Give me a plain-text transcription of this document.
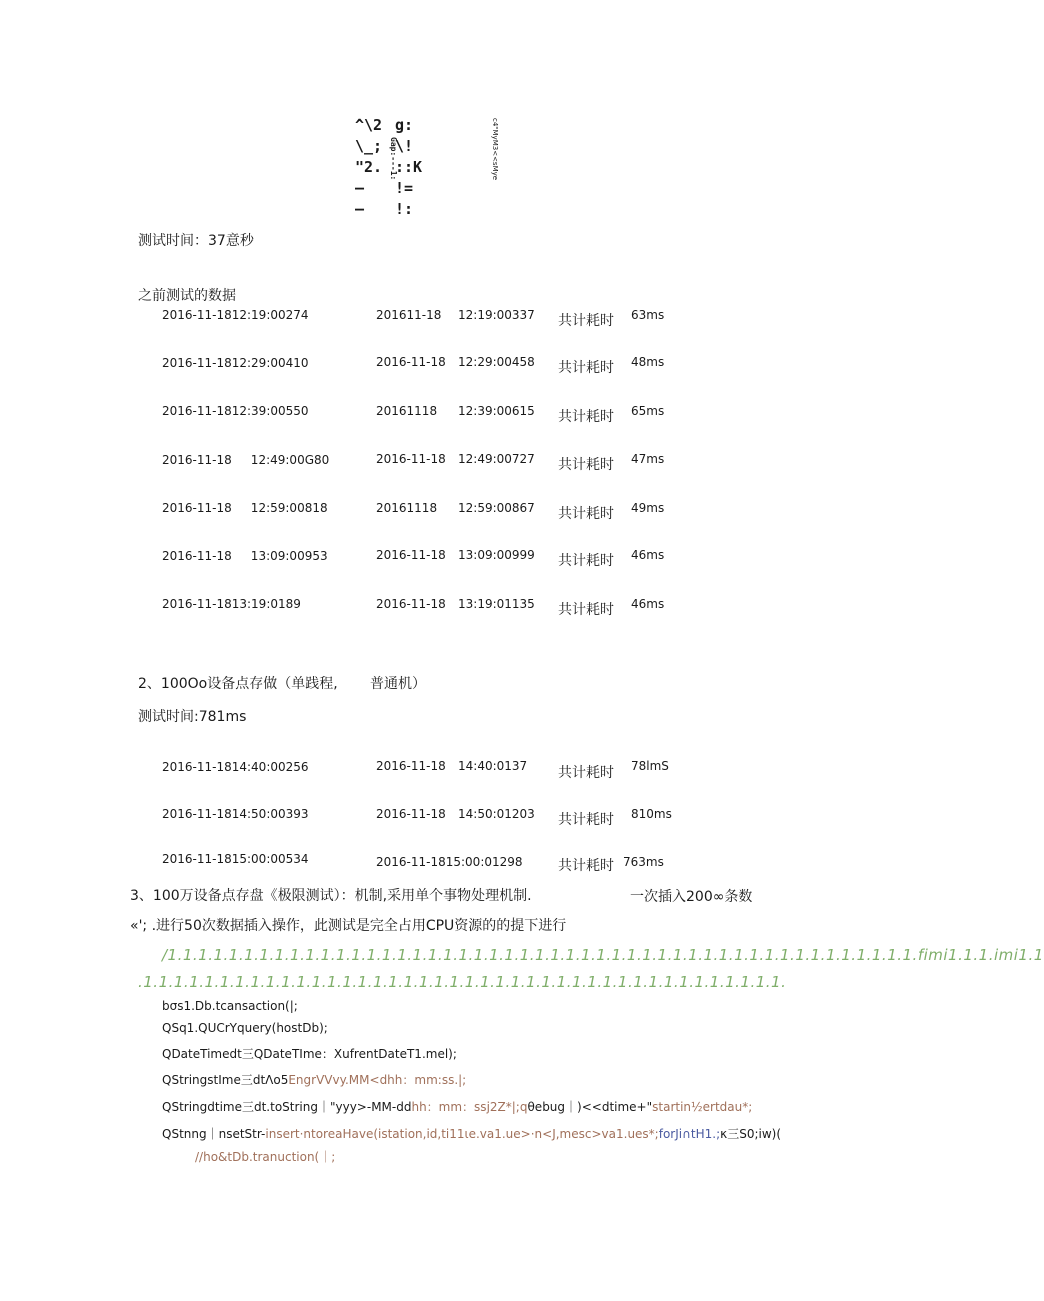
^\2
\_;
"2.
—
—
g:
\!
::K
!=
!:
Gap:---1:	c4"MyM3<<sMye
测试时间：37意秒
之前测试的数据
2016-11-1812:19:00274	201611-18 12:19:00337 共计耗时 63ms
2016-11-1812:29:00410	2016-11-18 12:29:00458 共计耗时 48ms
2016-11-1812:39:00550	20161118 12:39:00615 共计耗时 65ms
2016-11-18     12:49:00G80	2016-11-18 12:49:00727 共计耗时 47ms
2016-11-18     12:59:00818	20161118 12:59:00867 共计耗时 49ms
2016-11-18     13:09:00953	2016-11-18 13:09:00999 共计耗时 46ms
2016-11-1813:19:0189	2016-11-18 13:19:01135 共计耗时 46ms
2、100Oo设备点存做（单践程, 普通机）
测试时间:781ms
2016-11-1814:40:00256	2016-11-18 14:40:0137 共计耗时 78lmS
2016-11-1814:50:00393	2016-11-18 14:50:01203 共计耗时 810ms
2016-11-1815:00:00534	2016-11-1815:00:01298	共计耗时 763ms
3、100万设备点存盘《极限测试）：机制,采用单个事物处理机制.	一次插入200∞条数
«'; .进行50次数据插入操作，此测试是完全占用CPU资源的的提下进行
/1.1.1.1.1.1.1.1.1.1.1.1.1.1.1.1.1.1.1.1.1.1.1.1.1.1.1.1.1.1.1.1.1.1.1.1.1.1.1.1.1.1.1.1.1.1.1.1.1.fimi1.1.1.imi1.1
.1.1.1.1.1.1.1.1.1.1.1.1.1.1.1.1.1.1.1.1.1.1.1.1.1.1.1.1.1.1.1.1.1.1.1.1.1.1.1.1.1.1.
bσs1.Db.tcansaction(|;
QSq1.QUCrYquery(hostDb);
QDateTimedt三QDateTIme：XufrentDateT1.mel);
QStringstIme三dtΛo5EngrVVvy.MM<dhh：mm:ss.|;
QStringdtime三dt.toString｜"yyy>-MM-ddhh：mm：ssj2Z*|;qθebug｜)<<dtime+"startin½ertdau*;
QStnng｜nsetStr-insert·ntoreaHave(istation,id,ti11ιe.va1.ue>·n<J,mesc>va1.ues*;forJi∩tH1.;κ三S0;iw)(
//ho&tDb.tranuction(｜;
